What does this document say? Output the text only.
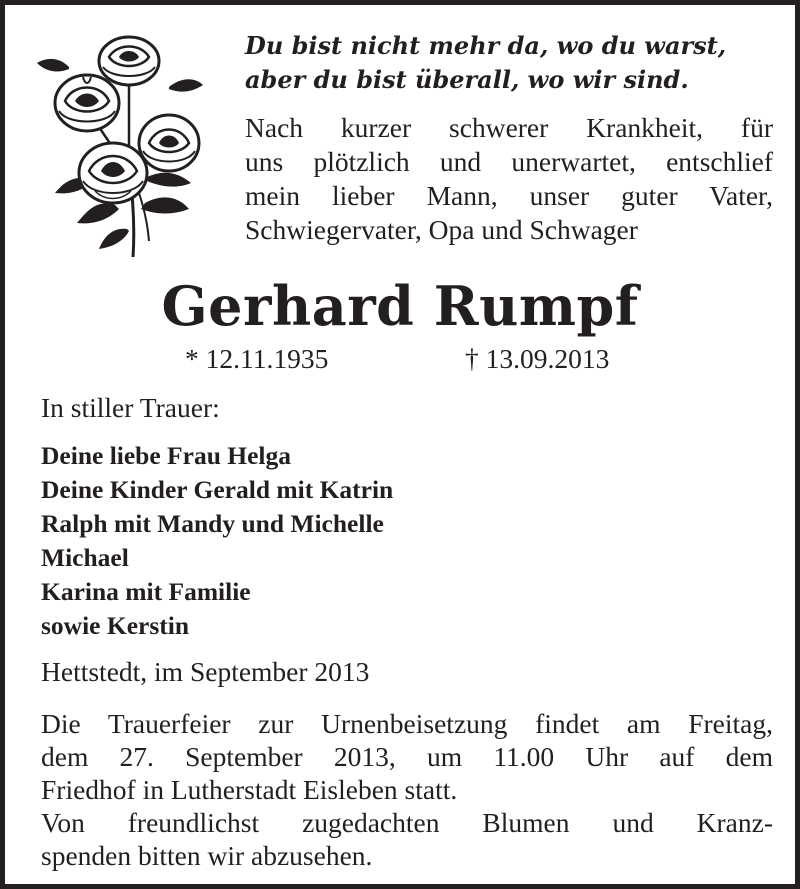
Du bist nicht mehr da, wo du warst,
aber du bist überall, wo wir sind.

Nach kurzer schwerer Krankheit, für
uns plötzlich und unerwartet, entschlief
mein lieber Mann, unser guter Vater,
Schwiegervater, Opa und Schwager

Gerhard Rumpf
* 12.11.1935	† 13.09.2013

In stiller Trauer:

Deine liebe Frau Helga
Deine Kinder Gerald mit Katrin
Ralph mit Mandy und Michelle
Michael
Karina mit Familie
sowie Kerstin

Hettstedt, im September 2013

Die Trauerfeier zur Urnenbeisetzung findet am Freitag,
dem 27. September 2013, um 11.00 Uhr auf dem
Friedhof in Lutherstadt Eisleben statt.
Von freundlichst zugedachten Blumen und Kranz-
spenden bitten wir abzusehen.
